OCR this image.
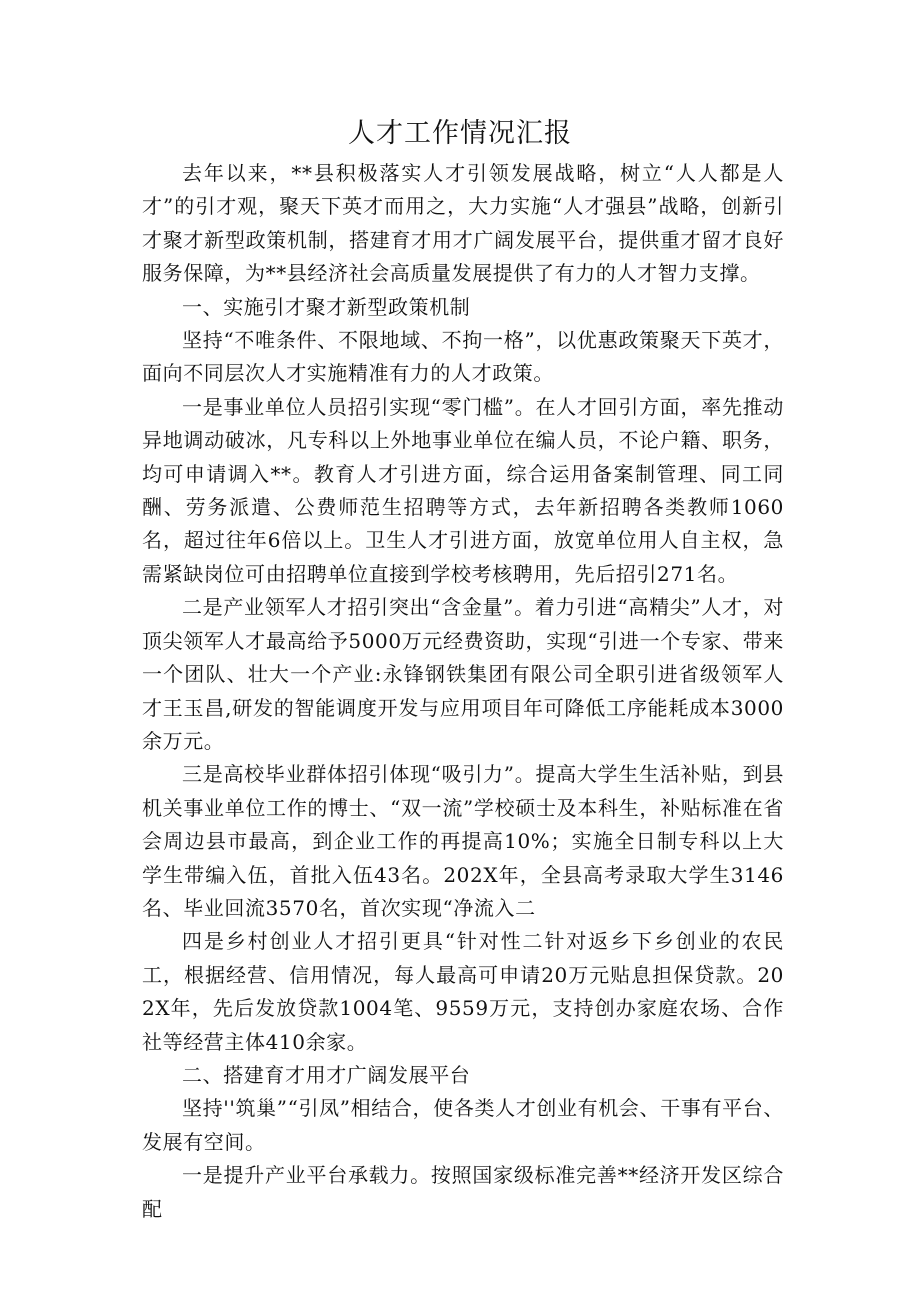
人才工作情况汇报

去年以来，**县积极落实人才引领发展战略，树立“人人都是人才”的引才观，聚天下英才而用之，大力实施“人才强县”战略，创新引才聚才新型政策机制，搭建育才用才广阔发展平台，提供重才留才良好服务保障，为**县经济社会高质量发展提供了有力的人才智力支撑。

一、实施引才聚才新型政策机制

坚持“不唯条件、不限地域、不拘一格”，以优惠政策聚天下英才，面向不同层次人才实施精准有力的人才政策。

一是事业单位人员招引实现“零门槛”。在人才回引方面，率先推动异地调动破冰，凡专科以上外地事业单位在编人员，不论户籍、职务，均可申请调入**。教育人才引进方面，综合运用备案制管理、同工同酬、劳务派遣、公费师范生招聘等方式，去年新招聘各类教师1060名，超过往年6倍以上。卫生人才引进方面，放宽单位用人自主权，急需紧缺岗位可由招聘单位直接到学校考核聘用，先后招引271名。

二是产业领军人才招引突出“含金量”。着力引进“高精尖”人才，对顶尖领军人才最高给予5000万元经费资助，实现“引进一个专家、带来一个团队、壮大一个产业:永锋钢铁集团有限公司全职引进省级领军人才王玉昌,研发的智能调度开发与应用项目年可降低工序能耗成本3000余万元。

三是高校毕业群体招引体现“吸引力”。提高大学生生活补贴，到县机关事业单位工作的博士、“双一流”学校硕士及本科生，补贴标准在省会周边县市最高，到企业工作的再提高10%；实施全日制专科以上大学生带编入伍，首批入伍43名。202X年，全县高考录取大学生3146名、毕业回流3570名，首次实现“净流入二

四是乡村创业人才招引更具“针对性二针对返乡下乡创业的农民工，根据经营、信用情况，每人最高可申请20万元贴息担保贷款。202X年，先后发放贷款1004笔、9559万元，支持创办家庭农场、合作社等经营主体410余家。

二、搭建育才用才广阔发展平台

坚持''筑巢”“引凤”相结合，使各类人才创业有机会、干事有平台、发展有空间。

一是提升产业平台承载力。按照国家级标准完善**经济开发区综合配
